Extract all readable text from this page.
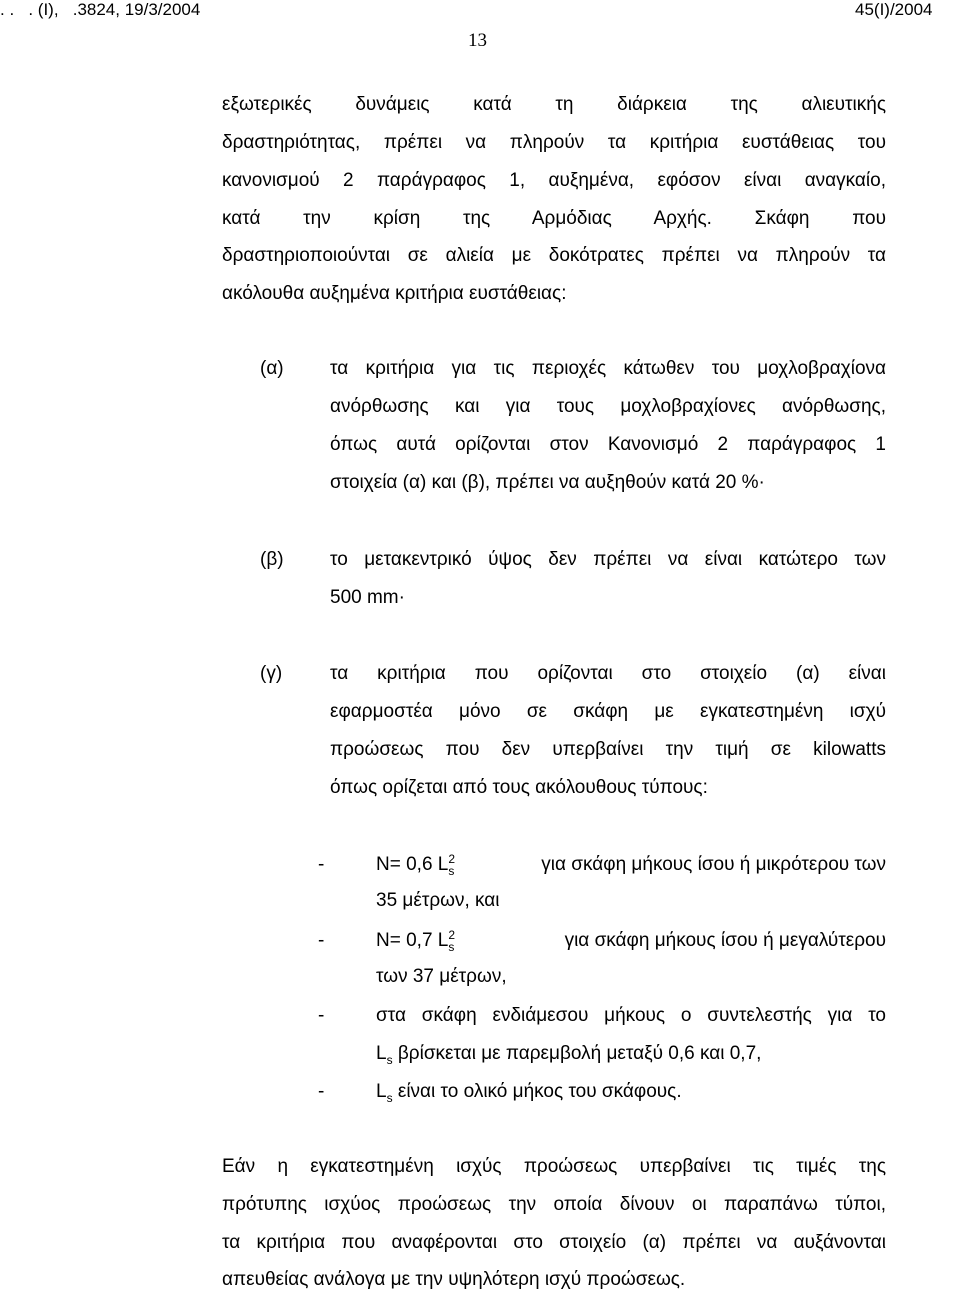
. .   . (Ι),   .3824, 19/3/2004	45(Ι)/2004
13
εξωτερικές δυνάμεις κατά τη διάρκεια της αλιευτικής
δραστηριότητας, πρέπει να πληρούν τα κριτήρια ευστάθειας του
κανονισμού 2 παράγραφος 1, αυξημένα, εφόσον είναι αναγκαίο,
κατά την κρίση της Αρμόδιας Αρχής. Σκάφη που
δραστηριοποιούνται σε αλιεία με δοκότρατες πρέπει να πληρούν τα
ακόλουθα αυξημένα κριτήρια ευστάθειας:
(α) τα κριτήρια για τις περιοχές κάτωθεν του μοχλοβραχίονα
ανόρθωσης και για τους μοχλοβραχίονες ανόρθωσης,
όπως αυτά ορίζονται στον Κανονισμό 2 παράγραφος 1
στοιχεία (α) και (β), πρέπει να αυξηθούν κατά 20 %·
(β) το μετακεντρικό ύψος δεν πρέπει να είναι κατώτερο των
500 mm·
(γ)	τα κριτήρια που ορίζονται στο στοιχείο (α) είναι
εφαρμοστέα μόνο σε σκάφη με εγκατεστημένη ισχύ
προώσεως που δεν υπερβαίνει την τιμή σε kilowatts
όπως ορίζεται από τους ακόλουθους τύπους:
-	N= 0,6 $L_s^2$	για σκάφη μήκους ίσου ή μικρότερου των
35 μέτρων, και
-	N= 0,7 $L_s^2$	για σκάφη μήκους ίσου ή μεγαλύτερου
των 37 μέτρων,
-	στα σκάφη ενδιάμεσου μήκους ο συντελεστής για το
$L_s$ βρίσκεται με παρεμβολή μεταξύ 0,6 και 0,7,
-	$L_s$ είναι το ολικό μήκος του σκάφους.
Εάν η εγκατεστημένη ισχύς προώσεως υπερβαίνει τις τιμές της
πρότυπης ισχύος προώσεως την οποία δίνουν οι παραπάνω τύποι,
τα κριτήρια που αναφέρονται στο στοιχείο (α) πρέπει να αυξάνονται
απευθείας ανάλογα με την υψηλότερη ισχύ προώσεως.
